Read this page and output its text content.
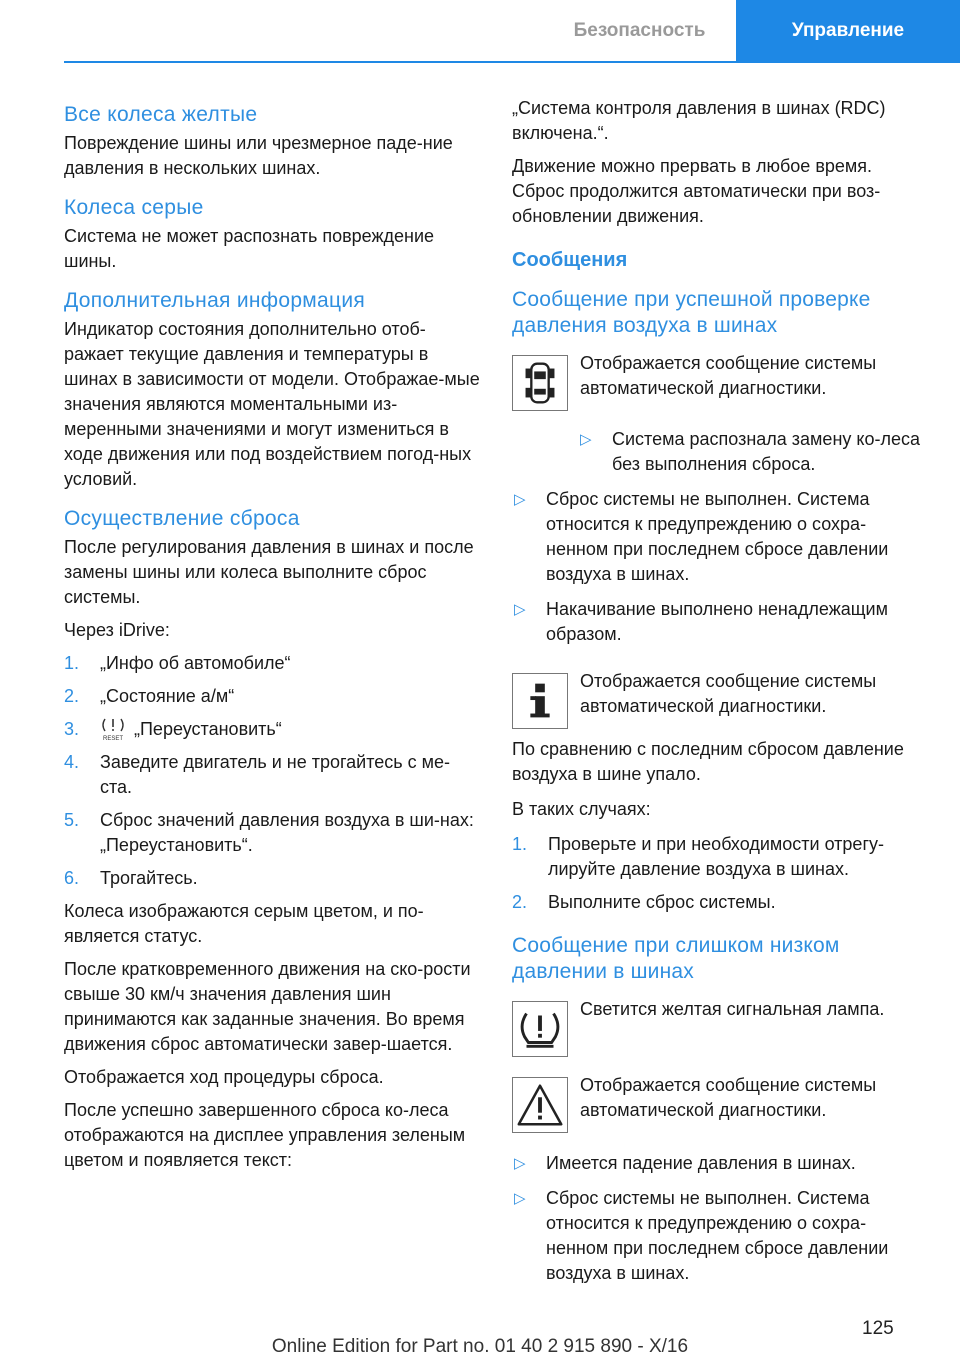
Безопасность	Управление
Все колеса желтые

Повреждение шины или чрезмерное паде-ние давления в нескольких шинах.

Колеса серые

Система не может распознать повреждение шины.

Дополнительная информация

Индикатор состояния дополнительно отоб-ражает текущие давления и температуры в шинах в зависимости от модели. Отображае-мые значения являются моментальными из-меренными значениями и могут измениться в ходе движения или под воздействием погод-ных условий.

Осуществление сброса

После регулирования давления в шинах и после замены шины или колеса выполните сброс системы.

Через iDrive:

1. „Инфо об автомобиле“
2. „Состояние а/м“
3.	RESET „Переустановить“
4. Заведите двигатель и не трогайтесь с ме-ста.
5. Сброс значений давления воздуха в ши-нах: „Переустановить“.
6. Трогайтесь.

Колеса изображаются серым цветом, и по-является статус.

После кратковременного движения на ско-рости свыше 30 км/ч значения давления шин принимаются как заданные значения. Во время движения сброс автоматически завер-шается.

Отображается ход процедуры сброса.

После успешно завершенного сброса ко-леса отображаются на дисплее управления зеленым цветом и появляется текст:

„Система контроля давления в шинах (RDC) включена.“.

Движение можно прервать в любое время. Сброс продолжится автоматически при воз-обновлении движения.

Сообщения
Сообщение при успешной проверке давления воздуха в шинах

Отображается сообщение системы автоматической диагностики.

▷ Система распознала замену ко-леса без выполнения сброса.
▷ Сброс системы не выполнен. Система относится к предупреждению о сохра-ненном при последнем сбросе давлении воздуха в шинах.
▷ Накачивание выполнено ненадлежащим образом.

Отображается сообщение системы автоматической диагностики.

По сравнению с последним сбросом давление воздуха в шине упало.

В таких случаях:

1. Проверьте и при необходимости отрегу-лируйте давление воздуха в шинах.
2. Выполните сброс системы.
Сообщение при слишком низком давлении в шинах

Светится желтая сигнальная лампа.

Отображается сообщение системы автоматической диагностики.

▷ Имеется падение давления в шинах.
▷ Сброс системы не выполнен. Система относится к предупреждению о сохра-ненном при последнем сбросе давлении воздуха в шинах.
125
Online Edition for Part no. 01 40 2 915 890 - X/16
